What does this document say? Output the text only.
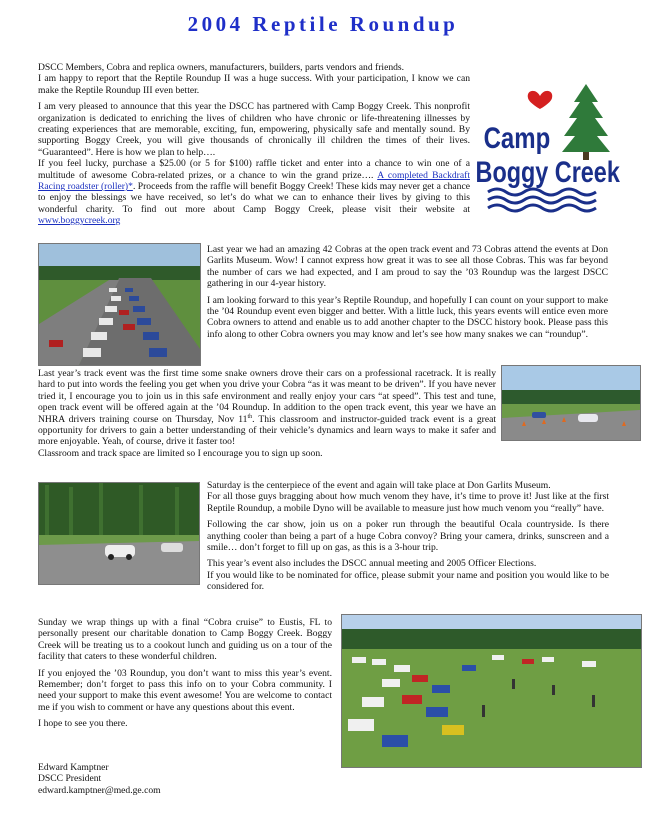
2004 Reptile Roundup

DSCC Members, Cobra and replica owners, manufacturers, builders, parts vendors and friends.

I am happy to report that the Reptile Roundup II was a huge success. With your participation, I know we can make the Reptile Roundup III even better.

I am very pleased to announce that this year the DSCC has partnered with Camp Boggy Creek. This nonprofit organization is dedicated to enriching the lives of children who have chronic or life-threatening illnesses by creating experiences that are memorable, exciting, fun, empowering, physically safe and mentally sound. By supporting Boggy Creek, you will give thousands of chronically ill children the times of their lives. “Guaranteed”. Here is how we plan to help….

If you feel lucky, purchase a $25.00 (or 5 for $100) raffle ticket and enter into a chance to win one of a multitude of awesome Cobra-related prizes, or a chance to win the grand prize…. A completed Backdraft Racing roadster (roller)*. Proceeds from the raffle will benefit Boggy Creek! These kids may never get a chance to enjoy the blessings we have received, so let’s do what we can to enhance their lives by giving to this wonderful charity. To find out more about Camp Boggy Creek, please visit their website at www.boggycreek.org

Camp
Boggy Creek

Last year we had an amazing 42 Cobras at the open track event and 73 Cobras attend the events at Don Garlits Museum. Wow! I cannot express how great it was to see all those Cobras. This was far beyond the number of cars we had expected, and I am proud to say the ’03 Roundup was the largest DSCC gathering in our 4-year history.

I am looking forward to this year’s Reptile Roundup, and hopefully I can count on your support to make the ’04 Roundup event even bigger and better. With a little luck, this years events will entice even more Cobra owners to attend and enable us to add another chapter to the DSCC history book. Please pass this info along to other Cobra owners you may know and let’s see how many snakes we can “roundup”.

Last year’s track event was the first time some snake owners drove their cars on a professional racetrack. It is really hard to put into words the feeling you get when you drive your Cobra “as it was meant to be driven”. If you have never tried it, I encourage you to join us in this safe environment and really enjoy your cars “at speed”. This test and tune, open track event will be offered again at the ’04 Roundup. In addition to the open track event, this year we have an NHRA drivers training course on Thursday, Nov 11th. This classroom and instructor-guided track event is a great opportunity for drivers to gain a better understanding of their vehicle’s dynamics and learn ways to make it safer and more enjoyable. Yeah, of course, drive it faster too!

Classroom and track space are limited so I encourage you to sign up soon.

Saturday is the centerpiece of the event and again will take place at Don Garlits Museum.

For all those guys bragging about how much venom they have, it’s time to prove it! Just like at the first Reptile Roundup, a mobile Dyno will be available to measure just how much venom you “really” have.

Following the car show, join us on a poker run through the beautiful Ocala countryside. Is there anything cooler than being a part of a huge Cobra convoy? Bring your camera, drinks, sunscreen and a smile… don’t forget to fill up on gas, as this is a 3-hour trip.

This year’s event also includes the DSCC annual meeting and 2005 Officer Elections.

If you would like to be nominated for office, please submit your name and position you would like to be considered for.

Sunday we wrap things up with a final “Cobra cruise” to Eustis, FL to personally present our charitable donation to Camp Boggy Creek. Boggy Creek will be treating us to a cookout lunch and guiding us on a tour of the facility that caters to these wonderful children.

If you enjoyed the ’03 Roundup, you don’t want to miss this year’s event. Remember; don’t forget to pass this info on to your Cobra community. I need your support to make this event awesome! You are welcome to contact me if you wish to comment or have any questions about this event.

I hope to see you there.

Edward Kamptner

DSCC President

edward.kamptner@med.ge.com
